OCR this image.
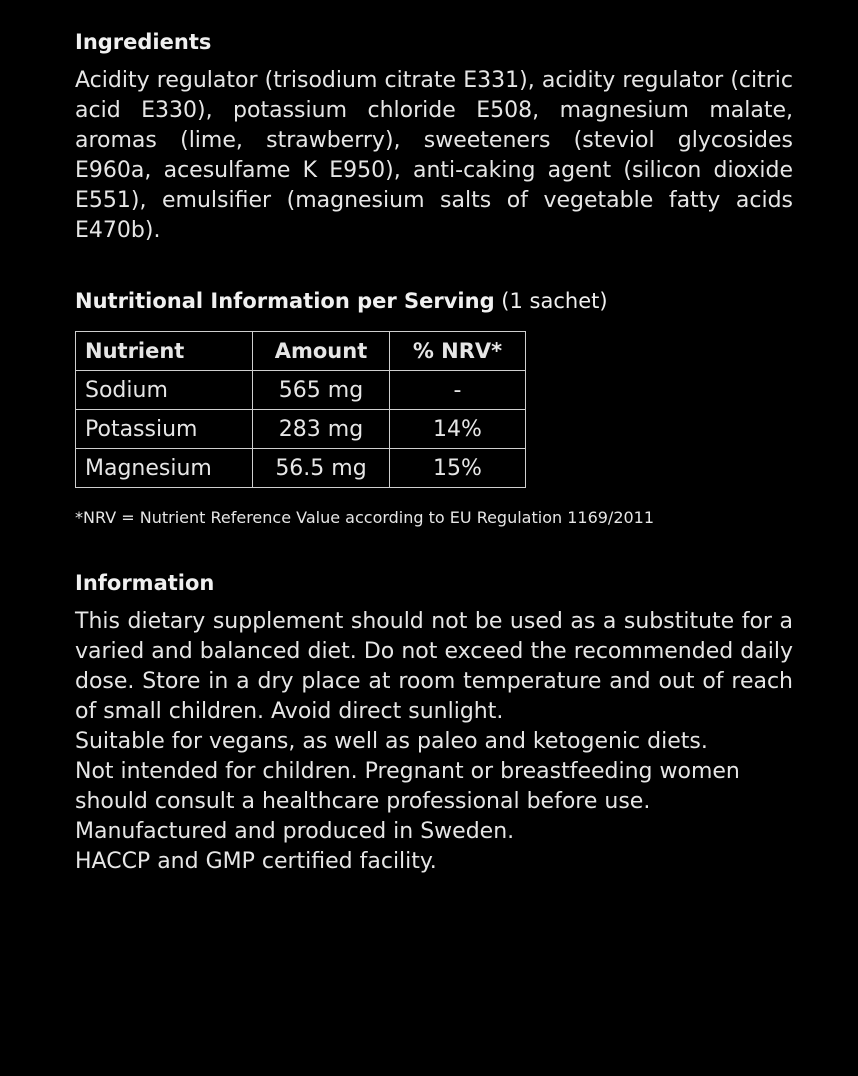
Ingredients

Acidity regulator (trisodium citrate E331), acidity regulator (citric acid E330), potassium chloride E508, magnesium malate, aromas (lime, strawberry), sweeteners (steviol glycosides E960a, acesulfame K E950), anti-caking agent (silicon dioxide E551), emulsifier (magnesium salts of vegetable fatty acids E470b).

Nutritional Information per Serving (1 sachet)
Nutrient	Amount	% NRV*
Sodium	565 mg	-
Potassium	283 mg	14%
Magnesium	56.5 mg	15%
*NRV = Nutrient Reference Value according to EU Regulation 1169/2011
Information

This dietary supplement should not be used as a substitute for a varied and balanced diet. Do not exceed the recommended daily dose. Store in a dry place at room temperature and out of reach of small children. Avoid direct sunlight.

Suitable for vegans, as well as paleo and ketogenic diets.

Not intended for children. Pregnant or breastfeeding women should consult a healthcare professional before use.

Manufactured and produced in Sweden.

HACCP and GMP certified facility.
